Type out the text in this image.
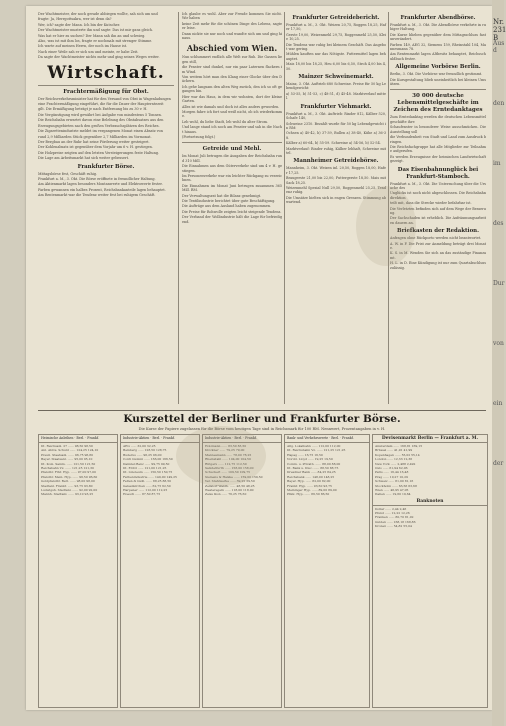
Der Wachtmeister, der noch gerade abbiegen wollte, sah sich um und
fragte: Ja, Herrgottsakra, wer ist denn da?
Wer, ich? sagte der Mann. Ich bin der Kutscher.
Der Wachtmeister musterte ihn und sagte: Das ist mir ganz gleich.
Was hat er hier zu suchen? Der Mann sah ihn an und schwieg.
Also, was ist mit ihm los, fragte er nochmals mit strenger Stimme.
Ich warte auf meinen Herrn, der noch im Hause ist.
Nach einer Weile sah er sich um und meinte, er habe Zeit.
Da sagte der Wachtmeister nichts mehr und ging seines Weges weiter.
Wirtschaft.
Frachtermäßigung für Obst.
Der Reichsverkehrsminister hat für den Versand von Obst in Wagenladungen
eine Frachtermäßigung eingeführt, die für die Dauer der Haupterntezeit
gilt. Die Ermäßigung beträgt je nach Entfernung bis zu 30 v. H.
Die Vergünstigung wird gewährt bei Aufgabe von mindestens 5 Tonnen.
Die Reichsbahn erwartet davon eine Belebung des Obstabsatzes aus den
Erzeugungsgebieten nach den großen Verbrauchsplätzen des Reiches.
Die Zigarettenindustrie meldet im vergangenen Monat einen Absatz von
rund 2,9 Milliarden Stück gegenüber 2,7 Milliarden im Vormonat.
Der Bergbau an der Ruhr hat seine Förderung weiter gesteigert.
Der Kohlenabsatz ist gegenüber dem Vorjahr um 6 v. H. gestiegen.
Die Holzpreise zeigten auf den letzten Versteigerungen feste Haltung.
Die Lage am Arbeitsmarkt hat sich weiter gebessert.
Frankfurter Börse.
Mittagsbörse fest, Geschäft ruhig.
Frankfurt a. M., 3. Okt. Die Börse eröffnete in freundlicher Haltung.
Am Aktienmarkt lagen besonders Montanwerte und Elektrowerte fester.
Farben gewannen ein halbes Prozent, Reichsbankanteile lagen behauptet.
Am Rentenmarkt war die Tendenz weiter fest bei ruhigem Geschäft.
Ich glaube es wohl. Aber zur Freude kommen Sie nicht. Wir haben
keine Zeit mehr für die schönen Dinge des Lebens, sagte er leise.
Dann nickte sie nur noch und wandte sich um und ging hinaus.
Abschied vom Wien.
Nun schlummert endlich alle Welt zur Ruh. Die Gassen liegen still,
die Fenster sind dunkel, nur ein paar Laternen flackern im Wind.
Von weitem hört man den Klang einer Glocke über den Dächern.
Ich gehe langsam den alten Weg zurück, den ich so oft gegangen bin.
Hier war das Haus, in dem wir wohnten, dort der kleine Garten.
Alles ist wie damals und doch ist alles anders geworden.
Morgen fahre ich fort und weiß nicht, ob ich wiederkomme.
Leb wohl, du liebe Stadt, leb wohl du alter Strom.
Und lange stand ich noch am Fenster und sah in die Nacht hinaus.
(Fortsetzung folgt.)
Getreide und Mehl.
Im Monat Juli betrugen die Ausgaben der Reichsbahn rund 310 Mill.
Die Einnahmen aus dem Güterverkehr sind um 4 v. H. gestiegen.
Im Personenverkehr war ein leichter Rückgang zu verzeichnen.
Die Einnahmen im Monat Juni betrugen zusammen 365 Mill. RM.
Der Verwaltungsrat hat die Bilanz genehmigt.
Die Textilindustrie berichtet über gute Beschäftigung.
Die Aufträge aus dem Ausland haben zugenommen.
Die Preise für Rohwolle zeigten leicht steigende Tendenz.
Der Verband der Wollindustrie hält die Lage für befriedigend.
Frankfurter Getreidebericht.
Frankfurt a. M., 3. Okt. Weizen 20,75, Roggen 18,25, Hafer 17,50,
Gerste 19,00, Weizenmehl 29,75, Roggenmehl 25,50, Kleie 10,25.
Die Tendenz war ruhig bei kleinem Geschäft. Das Angebot war gering.
Mühlen kauften nur das Nötigste. Futtermittel lagen behauptet.
Mais 18,00 bis 18,25, Heu 6,00 bis 6,50, Stroh 4,00 bis 4,50.
Mainzer Schweinemarkt.
Mainz, 3. Okt. Auftrieb 680 Schweine. Preise für 50 kg Lebendgewicht:
a) 53-55, b) 51-53, c) 48-51, d) 45-48. Marktverlauf mittel.
Frankfurter Viehmarkt.
Frankfurt a. M., 3. Okt. Auftrieb: Rinder 812, Kälber 520, Schafe 140,
Schweine 2310. Bezahlt wurde für 50 kg Lebendgewicht in RM:
Ochsen a) 40-42, b) 37-39, Bullen a) 38-40, Kühe a) 36-38.
Kälber a) 60-64, b) 55-59. Schweine a) 54-56, b) 52-54.
Marktverlauf: Rinder ruhig, Kälber lebhaft, Schweine mittel.
Mannheimer Getreidebörse.
Mannheim, 3. Okt. Weizen inl. 20,50, Roggen 18,00, Hafer 17,25.
Braugerste 21,00 bis 22,00, Futtergerste 18,50. Mais mit Sack 18,25.
Weizenmehl Spezial Null 29,50, Roggenmehl 25,25. Tendenz ruhig.
Die Umsätze hielten sich in engen Grenzen. Stimmung abwartend.
Frankfurter Abendbörse.
Frankfurt a. M., 3. Okt. Die Abendbörse verkehrte in ruhiger Haltung.
Die Kurse blieben gegenüber dem Mittagsschluss fast unverändert.
Farben 149, AEG 32, Siemens 159, Rheinstahl 104, Mannesmann 78.
Am Rentenmarkt lagen Altbesitz behauptet, Reichsschuldbuch fester.
Allgemeine Vorbörse Berlin.
Berlin, 3. Okt. Die Vorbörse war freundlich gestimmt.
Die Kursgestaltung blieb uneinheitlich bei kleinen Umsätzen.
30 000 deutsche Lebensmittelgeschäfte im Zeichen des Erntedanktages
Zum Erntedanktag werden die deutschen Lebensmittelgeschäfte ihre
Schaufenster in besonderer Weise ausschmücken. Die Ausstellung soll
die Verbundenheit von Stadt und Land zum Ausdruck bringen.
Die Reichsfachgruppe hat alle Mitglieder zur Teilnahme aufgerufen.
Es werden Erzeugnisse der heimischen Landwirtschaft gezeigt.
Das Eisenbahnunglück bei Frankfurt-Stamboch.
Frankfurt a. M., 3. Okt. Die Untersuchung über die Ursache des
Unglücks ist noch nicht abgeschlossen. Die Reichsbahndirektion
teilt mit, dass die Strecke wieder befahrbar ist.
Die Verletzten befinden sich auf dem Wege der Besserung.
Der Sachschaden ist erheblich. Die Aufräumungsarbeiten dauern an.
Briefkasten der Redaktion.
Anfragen ohne Rückporto werden nicht beantwortet.
A. W. in F. Die Frist zur Anmeldung beträgt drei Monate.
K. S. in M. Wenden Sie sich an das zuständige Finanzamt.
H. L. in D. Eine Kündigung ist nur zum Quartalsschluss zulässig.
Kurszettel der Berliner und Frankfurter Börse.
Die Kurse der Papiere zugelassen für die Börse vom heutigen Tage sind in Reichsmark für 100 RM. Nennwert, Prozentangaben in v. H.
Heimische Anleihen · Berl. · Frankf.
Dt. Reichsanl. 27 ...... 98,50 98,50
Anl. Ablös. Schuld ...... 124,25 124,10
Preuß. Staatsanl. ...... 96,75 96,80
Bayer. Staatsanl. ...... 95,00 95,10
Dt. Kom. Samm. ...... 121,50 121,50
Reichsbahn Vz. ...... 121,25 121,30
Pfandbr. Frkf. Hyp. ...... 97,00 97,00
Pfandbr. Mein. Hyp. ...... 96,50 96,60
Goldpfandbr. Berl. ...... 98,00 98,00
Stadtanl. Frankf. ...... 93,75 93,80
Ludwigsh. Stadtanl. ...... 92,00 92,00
Mannh. Stadtanl. ...... 93,10 93,25
Industrie-Aktien · Berl. · Frankf.
AEG ...... 32,00 32,25
Bemberg ...... 128,50 128,75
Buderus ...... 96,25 96,00
Conti Gummi ...... 166,00 166,50
Daimler-Benz ...... 99,75 99,50
Dt. Erdöl ...... 121,00 121,25
Dt. Linoleum ...... 150,50 150,75
Farbenindustrie ...... 149,00 149,25
Felten & Guill. ...... 88,25 88,50
Gelsenkirchen ...... 62,75 62,50
Harpener ...... 112,00 112,25
Hoesch ...... 87,50 87,75
Industrie-Aktien · Berl. · Frankf.
Holzmann ...... 83,50 83,50
Klöckner ...... 79,25 79,00
Mannesmann ...... 78,00 78,25
Rheinstahl ...... 104,00 104,50
Rütgers ...... 112,75 112,50
Salzdetfurth ...... 158,00 158,00
Schuckert ...... 109,50 109,75
Siemens & Halske ...... 159,00 159,50
Ver. Stahlwerke ...... 39,25 39,50
Zellstoff Waldh. ...... 48,50 48,25
Westeregeln ...... 118,00 118,00
Zeiss Ikon ...... 76,25 76,50
Bank- und Verkehrswerte · Berl. · Frankf.
Allg. Lokalbahn ...... 112,00 112,00
Dt. Reichsbahn Vz. ...... 121,25 121,25
Hapag ...... 16,75 16,50
Nordd. Lloyd ...... 19,25 19,50
Comm. u. Privatb. ...... 88,00 88,00
Dt. Bank u. Disc. ...... 88,50 88,75
Dresdner Bank ...... 84,25 84,25
Reichsbank ...... 148,00 148,25
Bayer. Hyp. ...... 82,00 82,00
Frankf. Hyp. ...... 93,50 93,75
Meininger Hyp. ...... 89,00 89,00
Pfälz. Hyp. ...... 86,50 86,50
Devisenmarkt Berlin — Frankfurt a. M.
Amsterdam ...... 168,81 169,15
Brüssel ...... 41,91 41,99
Kopenhagen ...... 55,02 55,14
London ...... 12,33 12,36
New York ...... 2,488 2,492
Oslo ...... 61,94 62,06
Paris ...... 16,44 16,48
Prag ...... 10,27 10,29
Schweiz ...... 81,00 81,16
Stockholm ...... 63,56 63,68
Wien ...... 46,95 47,05
Italien ...... 19,60 19,64
Banknoten
Dollar ...... 2,44 2,46
Pfund ...... 12,22 12,26
Franken ...... 80,70 81,02
Gulden ...... 168,18 168,86
Kronen ...... 54,82 55,04
Nr. 231 B
Aus d
den
im
des
Dur
von
ein
der
